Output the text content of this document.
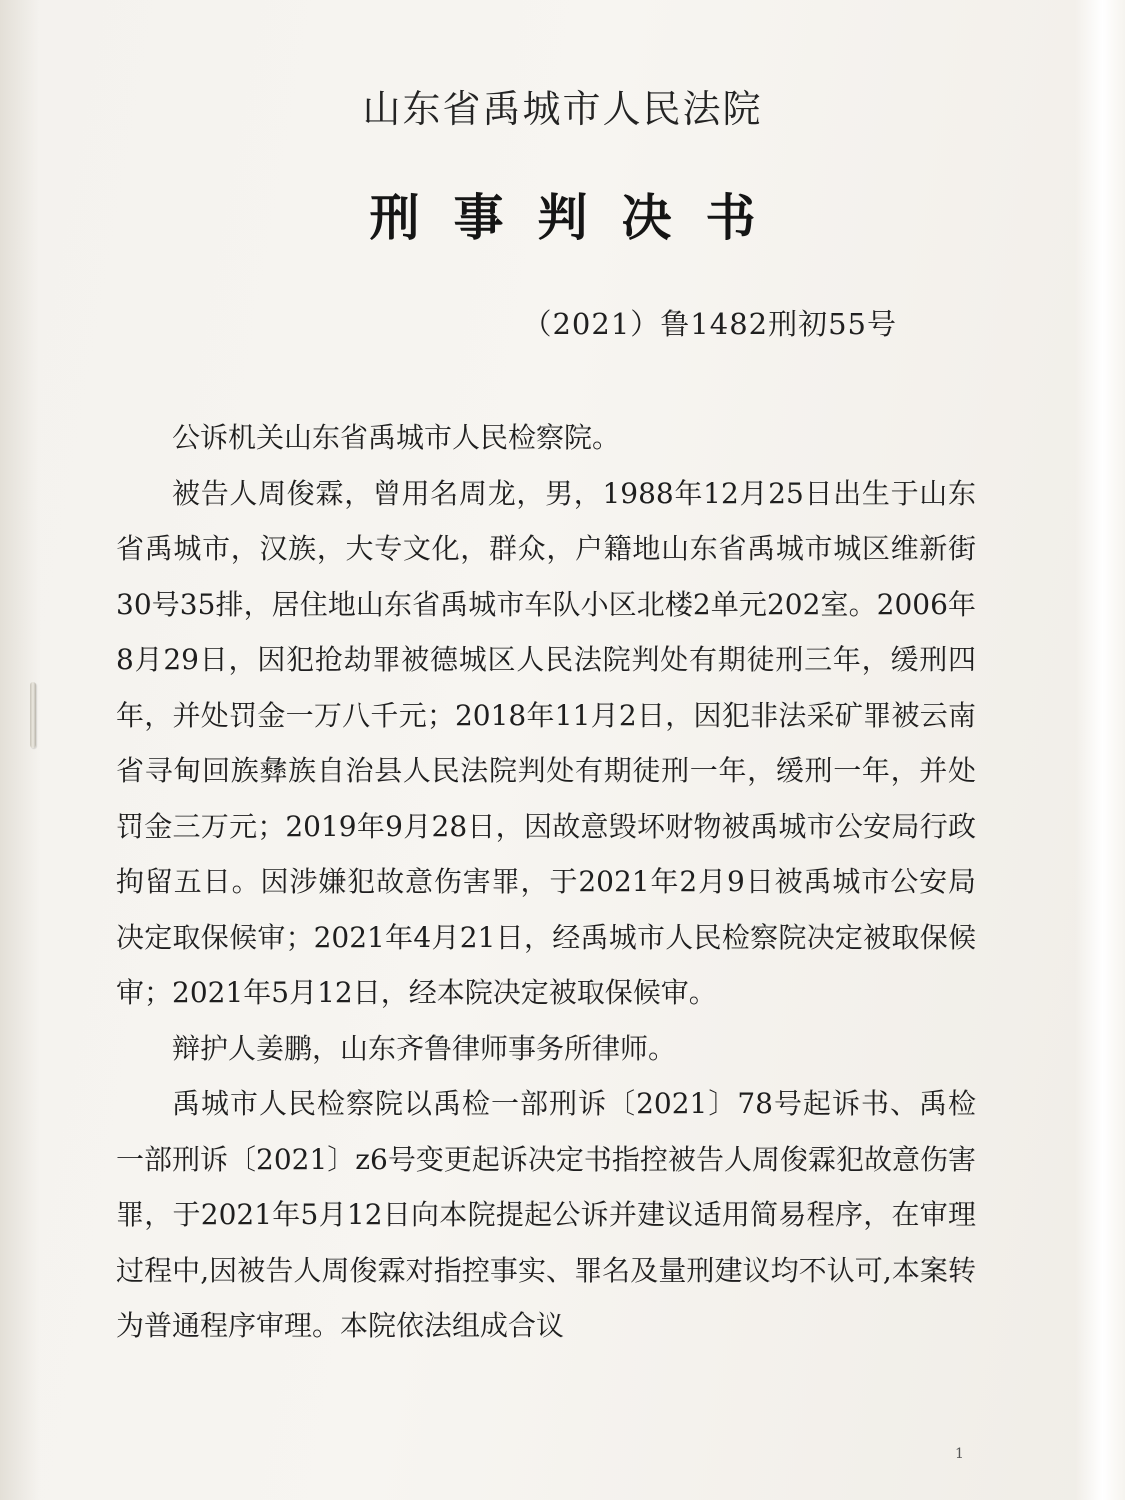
山东省禹城市人民法院
刑事判决书
（2021）鲁1482刑初55号

公诉机关山东省禹城市人民检察院。

被告人周俊霖，曾用名周龙，男，1988年12月25日出生于山东省禹城市，汉族，大专文化，群众，户籍地山东省禹城市城区维新街30号35排，居住地山东省禹城市车队小区北楼2单元202室。2006年8月29日，因犯抢劫罪被德城区人民法院判处有期徒刑三年，缓刑四年，并处罚金一万八千元；2018年11月2日，因犯非法采矿罪被云南省寻甸回族彝族自治县人民法院判处有期徒刑一年，缓刑一年，并处罚金三万元；2019年9月28日，因故意毁坏财物被禹城市公安局行政拘留五日。因涉嫌犯故意伤害罪，于2021年2月9日被禹城市公安局决定取保候审；2021年4月21日，经禹城市人民检察院决定被取保候审；2021年5月12日，经本院决定被取保候审。

辩护人姜鹏，山东齐鲁律师事务所律师。

禹城市人民检察院以禹检一部刑诉〔2021〕78号起诉书、禹检一部刑诉〔2021〕z6号变更起诉决定书指控被告人周俊霖犯故意伤害罪，于2021年5月12日向本院提起公诉并建议适用简易程序，在审理过程中,因被告人周俊霖对指控事实、罪名及量刑建议均不认可,本案转为普通程序审理。本院依法组成合议

1
